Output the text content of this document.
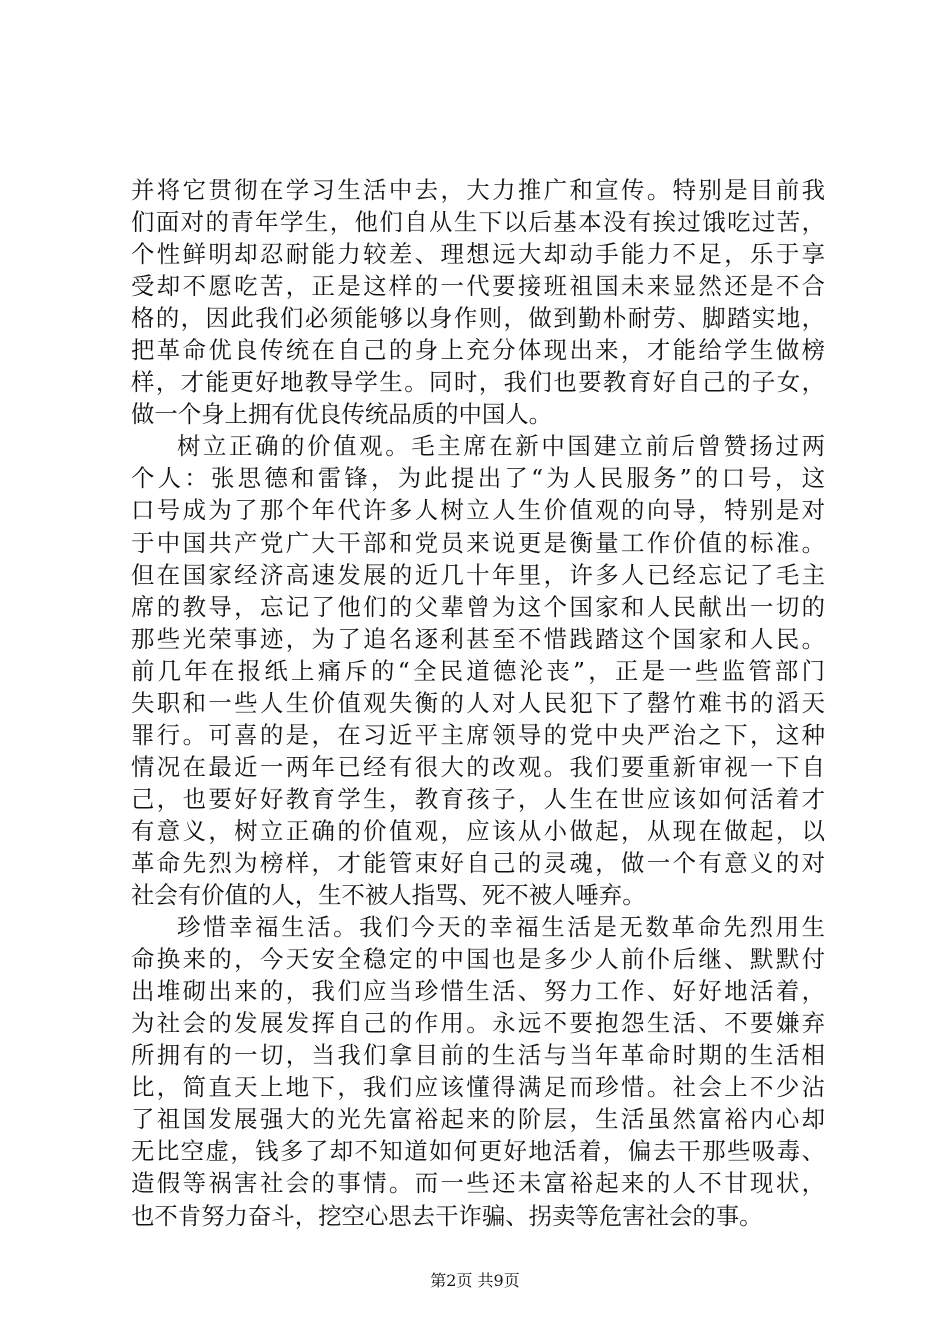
并将它贯彻在学习生活中去，大力推广和宣传。特别是目前我
们面对的青年学生，他们自从生下以后基本没有挨过饿吃过苦，
个性鲜明却忍耐能力较差、理想远大却动手能力不足，乐于享
受却不愿吃苦，正是这样的一代要接班祖国未来显然还是不合
格的，因此我们必须能够以身作则，做到勤朴耐劳、脚踏实地，
把革命优良传统在自己的身上充分体现出来，才能给学生做榜
样，才能更好地教导学生。同时，我们也要教育好自己的子女，
做一个身上拥有优良传统品质的中国人。
树立正确的价值观。毛主席在新中国建立前后曾赞扬过两
个人：张思德和雷锋，为此提出了“为人民服务”的口号，这
口号成为了那个年代许多人树立人生价值观的向导，特别是对
于中国共产党广大干部和党员来说更是衡量工作价值的标准。
但在国家经济高速发展的近几十年里，许多人已经忘记了毛主
席的教导，忘记了他们的父辈曾为这个国家和人民献出一切的
那些光荣事迹，为了追名逐利甚至不惜践踏这个国家和人民。
前几年在报纸上痛斥的“全民道德沦丧”，正是一些监管部门
失职和一些人生价值观失衡的人对人民犯下了罄竹难书的滔天
罪行。可喜的是，在习近平主席领导的党中央严治之下，这种
情况在最近一两年已经有很大的改观。我们要重新审视一下自
己，也要好好教育学生，教育孩子，人生在世应该如何活着才
有意义，树立正确的价值观，应该从小做起，从现在做起，以
革命先烈为榜样，才能管束好自己的灵魂，做一个有意义的对
社会有价值的人，生不被人指骂、死不被人唾弃。
珍惜幸福生活。我们今天的幸福生活是无数革命先烈用生
命换来的，今天安全稳定的中国也是多少人前仆后继、默默付
出堆砌出来的，我们应当珍惜生活、努力工作、好好地活着，
为社会的发展发挥自己的作用。永远不要抱怨生活、不要嫌弃
所拥有的一切，当我们拿目前的生活与当年革命时期的生活相
比，简直天上地下，我们应该懂得满足而珍惜。社会上不少沾
了祖国发展强大的光先富裕起来的阶层，生活虽然富裕内心却
无比空虚，钱多了却不知道如何更好地活着，偏去干那些吸毒、
造假等祸害社会的事情。而一些还未富裕起来的人不甘现状，
也不肯努力奋斗，挖空心思去干诈骗、拐卖等危害社会的事。
第2页 共9页
